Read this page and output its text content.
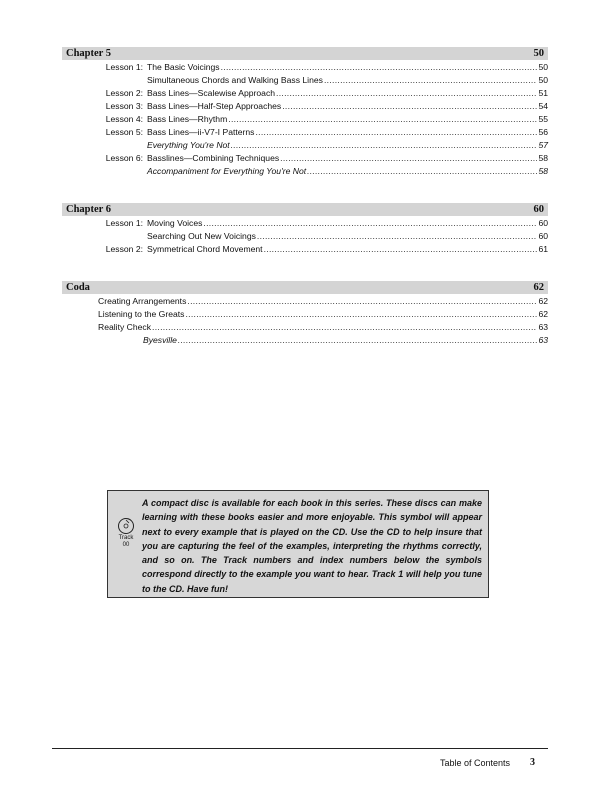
Chapter 5	50
Lesson 1: The Basic Voicings .....	50
Simultaneous Chords and Walking Bass Lines .....	50
Lesson 2: Bass Lines—Scalewise Approach .....	51
Lesson 3: Bass Lines—Half-Step Approaches .....	54
Lesson 4: Bass Lines—Rhythm .....	55
Lesson 5: Bass Lines—ii-V7-I Patterns .....	56
Everything You're Not .....	57
Lesson 6: Basslines—Combining Techniques .....	58
Accompaniment for Everything You're Not .....	58
Chapter 6	60
Lesson 1: Moving Voices .....	60
Searching Out New Voicings .....	60
Lesson 2: Symmetrical Chord Movement .....	61
Coda	62
Creating Arrangements .....	62
Listening to the Greats .....	62
Reality Check .....	63
Byesville .....	63
Track
00
A compact disc is available for each book in this series. These discs can make learning with these books easier and more enjoyable. This symbol will appear next to every example that is played on the CD. Use the CD to help insure that you are capturing the feel of the examples, interpreting the rhythms correctly, and so on. The Track numbers and index numbers below the symbols correspond directly to the example you want to hear. Track 1 will help you tune to the CD. Have fun!
Table of Contents 3
